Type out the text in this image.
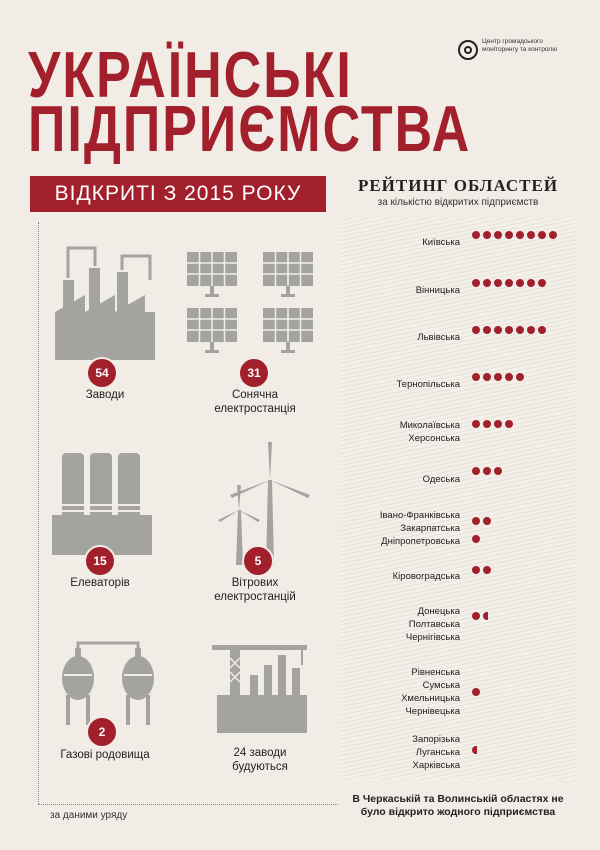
УКРАЇНСЬКІ
ПІДПРИЄМСТВА
Центр громадського моніторингу та контролю
ВІДКРИТІ З 2015 РОКУ	РЕЙТИНГ ОБЛАСТЕЙ
за кількістю відкритих підприємств
54
Заводи
31
Сонячна електростанція
15
Елеваторів
5
Вітрових електростанцій
2
Газові родовища	24 заводи будуються
Київська
Вінницька
Львівська
Тернопільська
Миколаївська
Херсонська
Одеська
Івано-Франківська
Закарпатська
Дніпропетровська
Кіровоградська
Донецька
Полтавська
Чернігівська
Рівненська
Сумська
Хмельницька
Чернівецька
Запорізька
Луганська
Харківська
В Черкаській та Волинській областях не було відкрито жодного підприємства
за даними уряду
